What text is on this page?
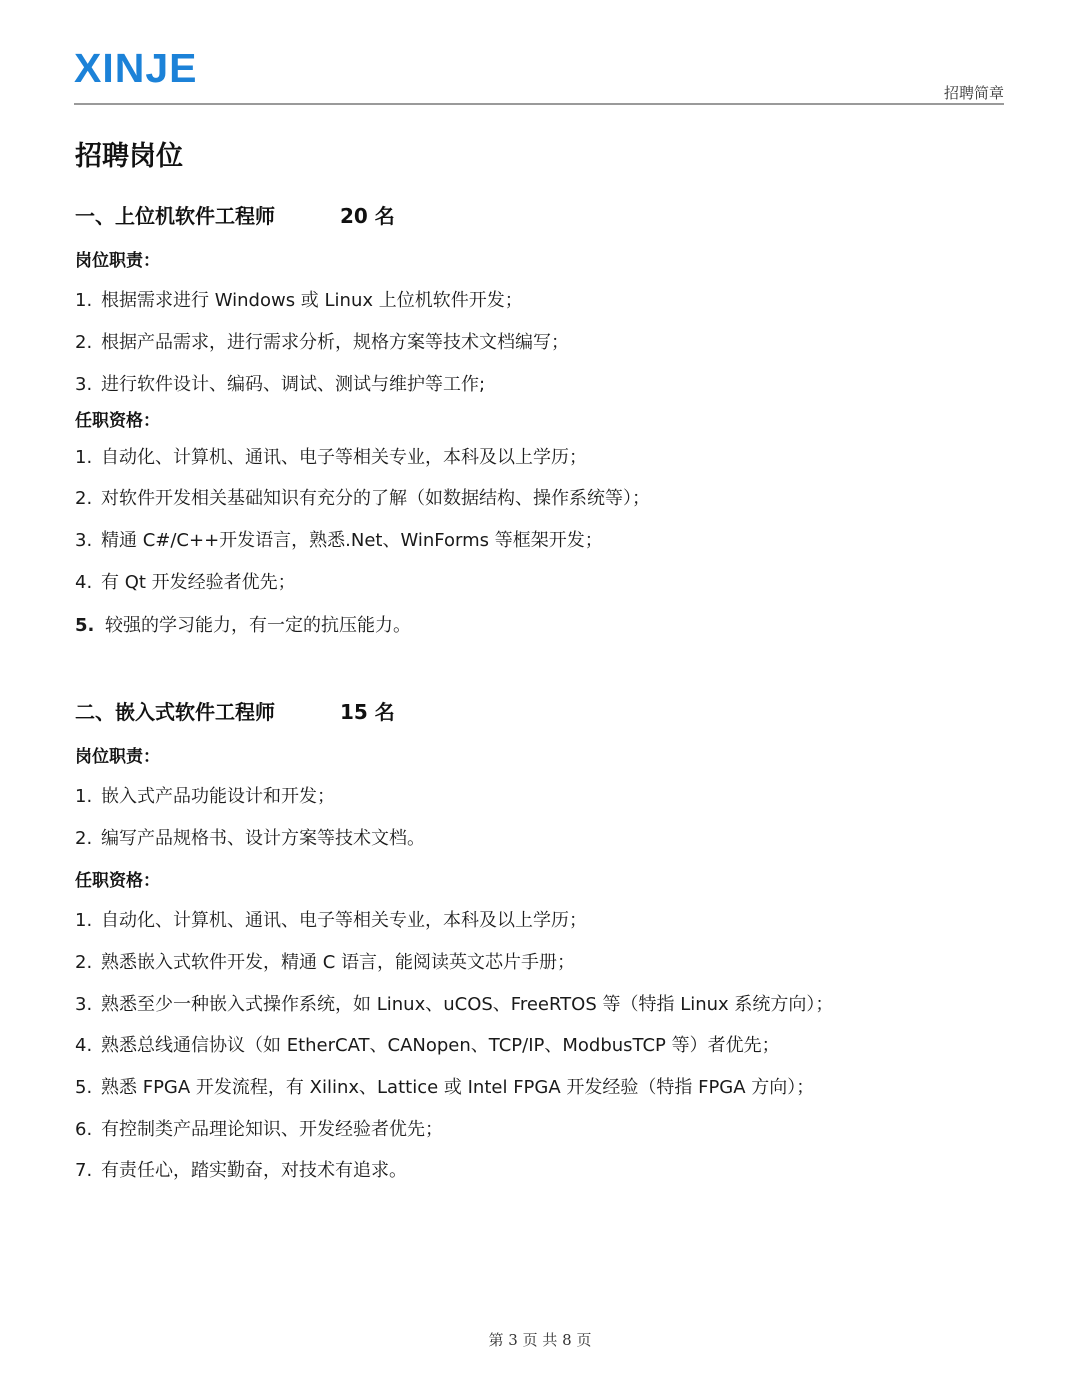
XINJE
招聘简章
招聘岗位
一、上位机软件工程师	20 名
岗位职责：
1. 根据需求进行 Windows 或 Linux 上位机软件开发；
2. 根据产品需求，进行需求分析，规格方案等技术文档编写；
3. 进行软件设计、编码、调试、测试与维护等工作;
任职资格：
1. 自动化、计算机、通讯、电子等相关专业，本科及以上学历；
2. 对软件开发相关基础知识有充分的了解（如数据结构、操作系统等）；
3. 精通 C#/C++开发语言，熟悉.Net、WinForms 等框架开发；
4. 有 Qt 开发经验者优先；
5. 较强的学习能力，有一定的抗压能力。
二、嵌入式软件工程师	15 名
岗位职责：
1. 嵌入式产品功能设计和开发；
2. 编写产品规格书、设计方案等技术文档。
任职资格：
1. 自动化、计算机、通讯、电子等相关专业，本科及以上学历；
2. 熟悉嵌入式软件开发，精通 C 语言，能阅读英文芯片手册；
3. 熟悉至少一种嵌入式操作系统，如 Linux、uCOS、FreeRTOS 等（特指 Linux 系统方向）；
4. 熟悉总线通信协议（如 EtherCAT、CANopen、TCP/IP、ModbusTCP 等）者优先；
5. 熟悉 FPGA 开发流程，有 Xilinx、Lattice 或 Intel FPGA 开发经验（特指 FPGA 方向）；
6. 有控制类产品理论知识、开发经验者优先；
7. 有责任心，踏实勤奋，对技术有追求。
第 3 页 共 8 页
